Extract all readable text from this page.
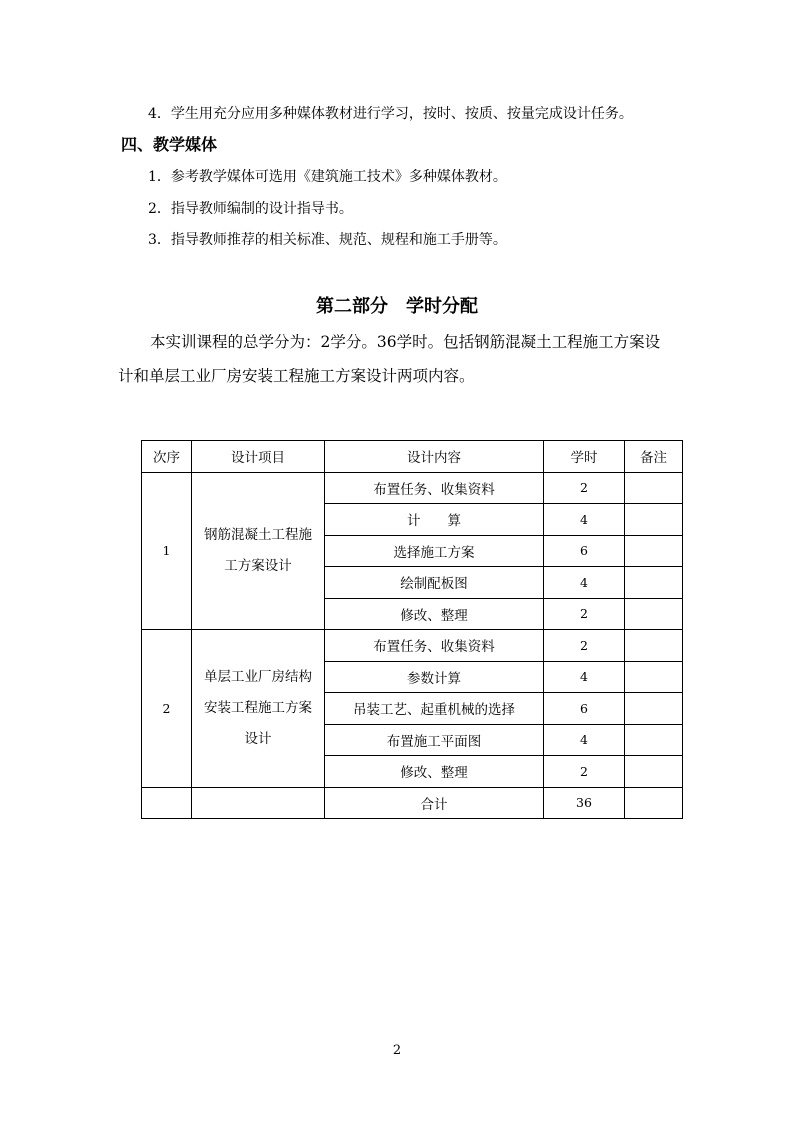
4．学生用充分应用多种媒体教材进行学习，按时、按质、按量完成设计任务。
四、教学媒体
1．参考教学媒体可选用《建筑施工技术》多种媒体教材。
2．指导教师编制的设计指导书。
3．指导教师推荐的相关标准、规范、规程和施工手册等。
第二部分　学时分配
本实训课程的总学分为：2学分。36学时。包括钢筋混凝土工程施工方案设
计和单层工业厂房安装工程施工方案设计两项内容。
次序	设计项目	设计内容	学时	备注
1	钢筋混凝土工程施
工方案设计	布置任务、收集资料	2	
		计　　算	4	
		选择施工方案	6	
		绘制配板图	4	
		修改、整理	2	
2	单层工业厂房结构
安装工程施工方案
设计	布置任务、收集资料	2	
		参数计算	4	
		吊装工艺、起重机械的选择	6	
		布置施工平面图	4	
		修改、整理	2	
		合计	36	
2
